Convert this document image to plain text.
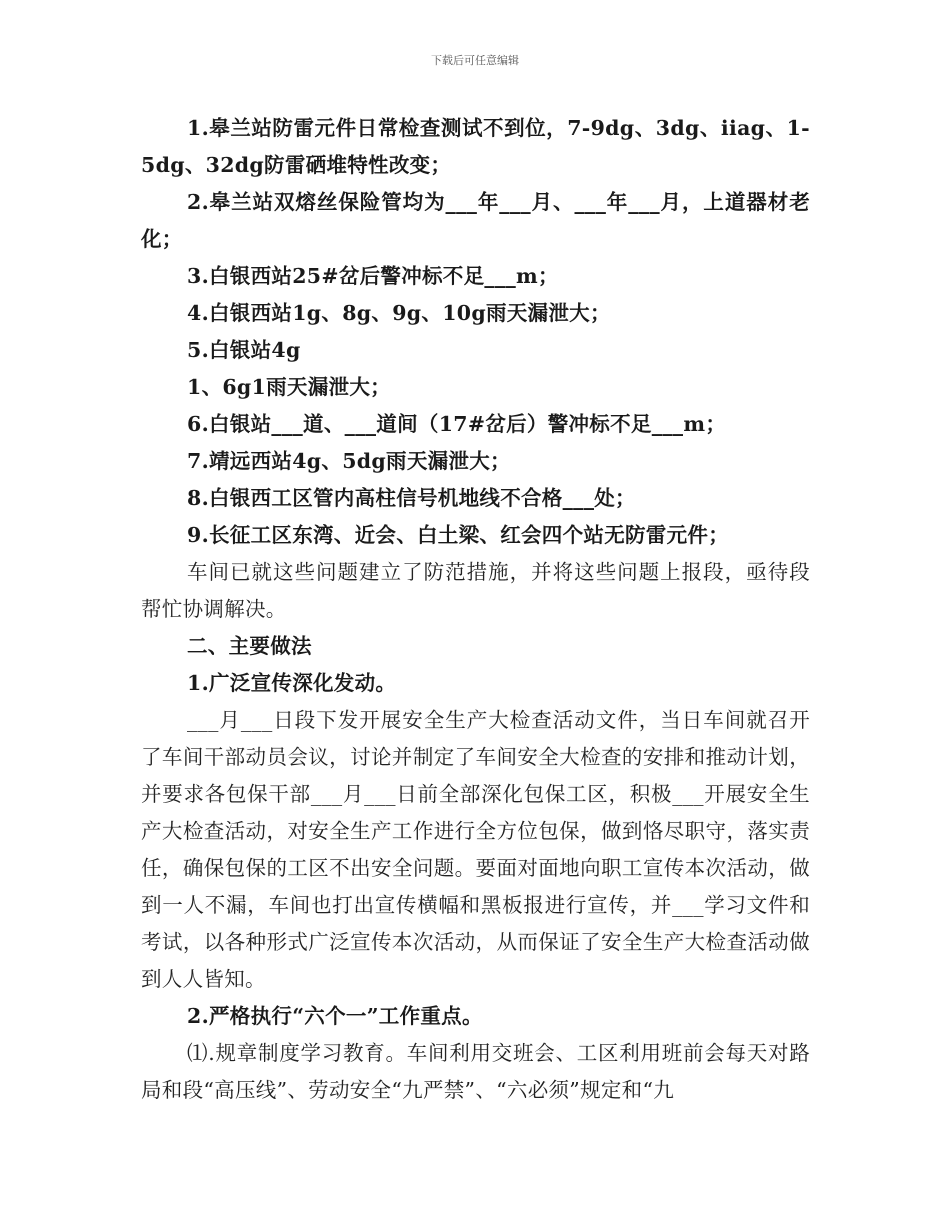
下载后可任意编辑

1.皋兰站防雷元件日常检查测试不到位，7-9dg、3dg、iiag、1-5dg、32dg防雷硒堆特性改变；

2.皋兰站双熔丝保险管均为___年___月、___年___月，上道器材老化；

3.白银西站25#岔后警冲标不足___m；

4.白银西站1g、8g、9g、10g雨天漏泄大；

5.白银站4g

1、6g1雨天漏泄大；

6.白银站___道、___道间（17#岔后）警冲标不足___m；

7.靖远西站4g、5dg雨天漏泄大；

8.白银西工区管内高柱信号机地线不合格___处；

9.长征工区东湾、近会、白土梁、红会四个站无防雷元件；

车间已就这些问题建立了防范措施，并将这些问题上报段，亟待段帮忙协调解决。

二、主要做法

1.广泛宣传深化发动。

___月___日段下发开展安全生产大检查活动文件，当日车间就召开了车间干部动员会议，讨论并制定了车间安全大检查的安排和推动计划，并要求各包保干部___月___日前全部深化包保工区，积极___开展安全生产大检查活动，对安全生产工作进行全方位包保，做到恪尽职守，落实责任，确保包保的工区不出安全问题。要面对面地向职工宣传本次活动，做到一人不漏，车间也打出宣传横幅和黑板报进行宣传，并___学习文件和考试，以各种形式广泛宣传本次活动，从而保证了安全生产大检查活动做到人人皆知。

2.严格执行“六个一”工作重点。

⑴.规章制度学习教育。车间利用交班会、工区利用班前会每天对路局和段“高压线”、劳动安全“九严禁”、“六必须”规定和“九
